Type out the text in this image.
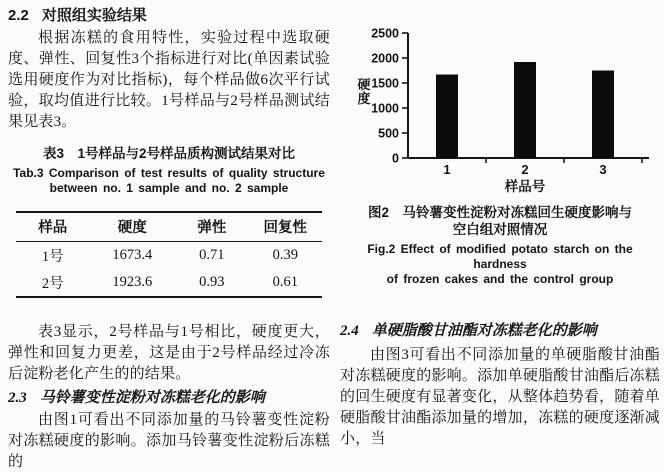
2.2 对照组实验结果

根据冻糕的食用特性，实验过程中选取硬度、弹性、回复性3个指标进行对比(单因素试验选用硬度作为对比指标)，每个样品做6次平行试验，取均值进行比较。1号样品与2号样品测试结果见表3。

表3　1号样品与2号样品质构测试结果对比
Tab.3 Comparison of test results of quality structure
between no. 1 sample and no. 2 sample
样品	硬度	弹性	回复性
1号	1673.4	0.71	0.39
2号	1923.6	0.93	0.61

表3显示，2号样品与1号相比，硬度更大，弹性和回复力更差，这是由于2号样品经过冷冻后淀粉老化产生的的结果。

2.3 马铃薯变性淀粉对冻糕老化的影响

由图1可看出不同添加量的马铃薯变性淀粉对冻糕硬度的影响。添加马铃薯变性淀粉后冻糕的

0
500
1000
1500
2000
2500
1	2	3
样品号
硬度
图2　马铃薯变性淀粉对冻糕回生硬度影响与
空白组对照情况
Fig.2 Effect of modified potato starch on the hardness
of frozen cakes and the control group
2.4 单硬脂酸甘油酯对冻糕老化的影响

由图3可看出不同添加量的单硬脂酸甘油酯对冻糕硬度的影响。添加单硬脂酸甘油酯后冻糕的回生硬度有显著变化，从整体趋势看，随着单硬脂酸甘油酯添加量的增加，冻糕的硬度逐渐减小，当
